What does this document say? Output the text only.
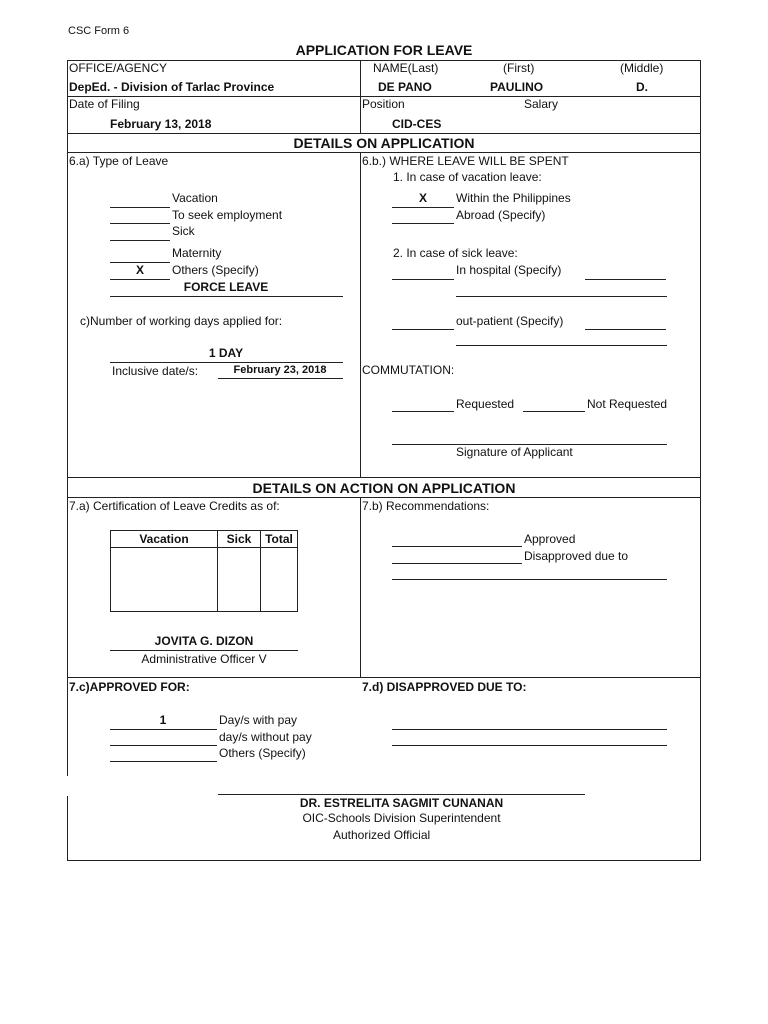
CSC Form 6
APPLICATION FOR LEAVE
OFFICE/AGENCY
DepEd. - Division of Tarlac Province
NAME(Last)	(First)	(Middle)
DE PANO	PAULINO	D.
Date of Filing
February 13, 2018
Position	Salary
CID-CES
DETAILS ON APPLICATION
6.a) Type of Leave
X
Vacation
To seek employment
Sick
Maternity
Others (Specify)
FORCE LEAVE
c)Number of working days applied for:
1 DAY
Inclusive date/s:	February 23, 2018
6.b.) WHERE LEAVE WILL BE SPENT
1. In case of vacation leave:
X	Within the Philippines
Abroad (Specify)
2. In case of sick leave:
In hospital (Specify)
out-patient (Specify)
COMMUTATION:
Requested	Not Requested
Signature of Applicant
DETAILS ON ACTION ON APPLICATION
7.a) Certification of Leave Credits as of:
Vacation	Sick	Total

JOVITA G. DIZON
Administrative Officer V
7.b) Recommendations:
Approved
Disapproved due to
7.c)APPROVED FOR:
1	Day/s with pay
day/s without pay
Others (Specify)
7.d) DISAPPROVED DUE TO:
DR. ESTRELITA SAGMIT CUNANAN
OIC-Schools Division Superintendent
Authorized Official
